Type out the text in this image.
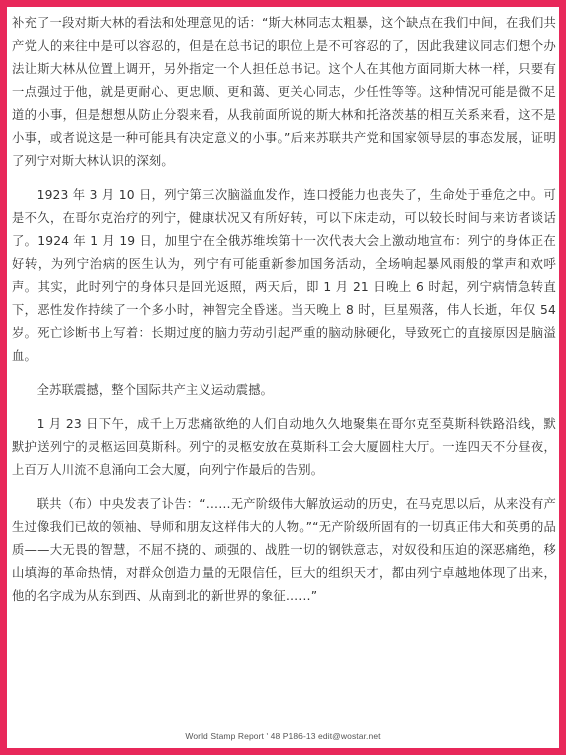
补充了一段对斯大林的看法和处理意见的话：“斯大林同志太粗暴，这个缺点在我们中间，在我们共产党人的来往中是可以容忍的，但是在总书记的职位上是不可容忍的了，因此我建议同志们想个办法让斯大林从位置上调开，另外指定一个人担任总书记。这个人在其他方面同斯大林一样，只要有一点强过于他，就是更耐心、更忠顺、更和蔼、更关心同志，少任性等等。这种情况可能是微不足道的小事，但是想想从防止分裂来看，从我前面所说的斯大林和托洛茨基的相互关系来看，这不是小事，或者说这是一种可能具有决定意义的小事。”后来苏联共产党和国家领导层的事态发展，证明了列宁对斯大林认识的深刻。

1923 年 3 月 10 日，列宁第三次脑溢血发作，连口授能力也丧失了，生命处于垂危之中。可是不久，在哥尔克治疗的列宁，健康状况又有所好转，可以下床走动，可以较长时间与来访者谈话了。1924 年 1 月 19 日，加里宁在全俄苏维埃第十一次代表大会上激动地宣布：列宁的身体正在好转，为列宁治病的医生认为，列宁有可能重新参加国务活动，全场响起暴风雨般的掌声和欢呼声。其实，此时列宁的身体只是回光返照，两天后，即 1 月 21 日晚上 6 时起，列宁病情急转直下，恶性发作持续了一个多小时，神智完全昏迷。当天晚上 8 时，巨星殒落，伟人长逝，年仅 54 岁。死亡诊断书上写着：长期过度的脑力劳动引起严重的脑动脉硬化，导致死亡的直接原因是脑溢血。

全苏联震撼，整个国际共产主义运动震撼。

1 月 23 日下午，成千上万悲痛欲绝的人们自动地久久地聚集在哥尔克至莫斯科铁路沿线，默默护送列宁的灵柩运回莫斯科。列宁的灵柩安放在莫斯科工会大厦圆柱大厅。一连四天不分昼夜，上百万人川流不息涌向工会大厦，向列宁作最后的告别。

联共（布）中央发表了讣告：“……无产阶级伟大解放运动的历史，在马克思以后，从来没有产生过像我们已故的领袖、导师和朋友这样伟大的人物。”“无产阶级所固有的一切真正伟大和英勇的品质——大无畏的智慧，不屈不挠的、顽强的、战胜一切的钢铁意志，对奴役和压迫的深恶痛绝，移山填海的革命热情，对群众创造力量的无限信任，巨大的组织天才，都由列宁卓越地体现了出来，他的名字成为从东到西、从南到北的新世界的象征……”

World Stamp Report ' 48 P186-13 edit@wostar.net
